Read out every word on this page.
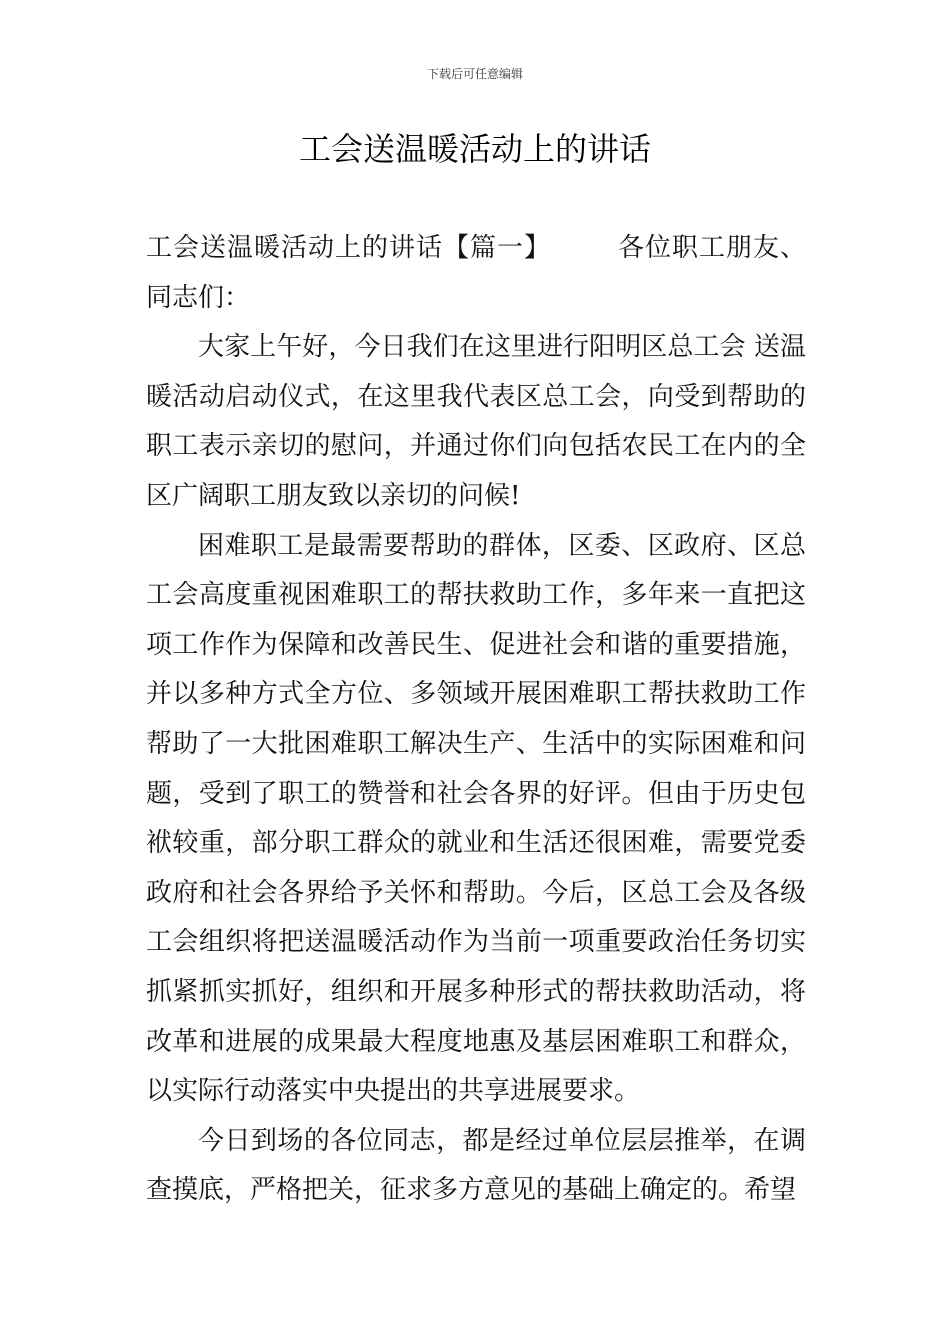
下载后可任意编辑
工会送温暖活动上的讲话

工会送温暖活动上的讲话【篇一】	各位职工朋友、同志们：

大家上午好，今日我们在这里进行阳明区总工会 送温暖活动启动仪式，在这里我代表区总工会，向受到帮助的职工表示亲切的慰问，并通过你们向包括农民工在内的全区广阔职工朋友致以亲切的问候!

困难职工是最需要帮助的群体，区委、区政府、区总工会高度重视困难职工的帮扶救助工作，多年来一直把这项工作作为保障和改善民生、促进社会和谐的重要措施，并以多种方式全方位、多领域开展困难职工帮扶救助工作帮助了一大批困难职工解决生产、生活中的实际困难和问题，受到了职工的赞誉和社会各界的好评。但由于历史包袱较重，部分职工群众的就业和生活还很困难，需要党委政府和社会各界给予关怀和帮助。今后，区总工会及各级工会组织将把送温暖活动作为当前一项重要政治任务切实抓紧抓实抓好，组织和开展多种形式的帮扶救助活动，将改革和进展的成果最大程度地惠及基层困难职工和群众，以实际行动落实中央提出的共享进展要求。

今日到场的各位同志，都是经过单位层层推举，在调查摸底，严格把关，征求多方意见的基础上确定的。希望
